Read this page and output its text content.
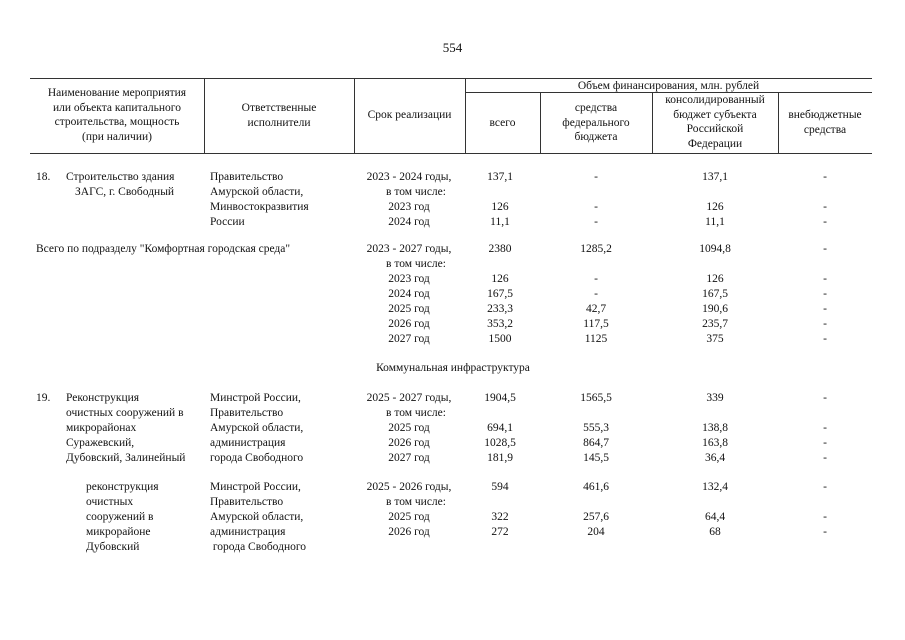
554
Наименование мероприятия
или объекта капитального
строительства, мощность
(при наличии)
Ответственные
исполнители
Срок реализации
Объем финансирования, млн. рублей
всего
средства
федерального
бюджета
консолидированный
бюджет субъекта
Российской
Федерации
внебюджетные
средства
18. Строительство здания
ЗАГС, г. Свободный
Правительство
Амурской области,
Минвостокразвития
России
2023 - 2024 годы,
в том числе:
2023 год
2024 год
137,1
126
11,1
-
-
-
137,1
126
11,1
-
-
-
Всего по подразделу "Комфортная городская среда"	2023 - 2027 годы,
в том числе:
2023 год
2024 год
2025 год
2026 год
2027 год
2380
126
167,5
233,3
353,2
1500
1285,2
-
-
42,7
117,5
1125
1094,8
126
167,5
190,6
235,7
375
-
-
-
-
-
-
Коммунальная инфраструктура
19. Реконструкция
очистных сооружений в
микрорайонах
Суражевский,
Дубовский, Залинейный
Минстрой России,
Правительство
Амурской области,
администрация
города Свободного
2025 - 2027 годы,
в том числе:
2025 год
2026 год
2027 год
1904,5
694,1
1028,5
181,9
1565,5
555,3
864,7
145,5
339
138,8
163,8
36,4
-
-
-
-
реконструкция
очистных
сооружений в
микрорайоне
Дубовский
Минстрой России,
Правительство
Амурской области,
администрация
города Свободного
2025 - 2026 годы,
в том числе:
2025 год
2026 год
594
322
272
461,6
257,6
204
132,4
64,4
68
-
-
-
